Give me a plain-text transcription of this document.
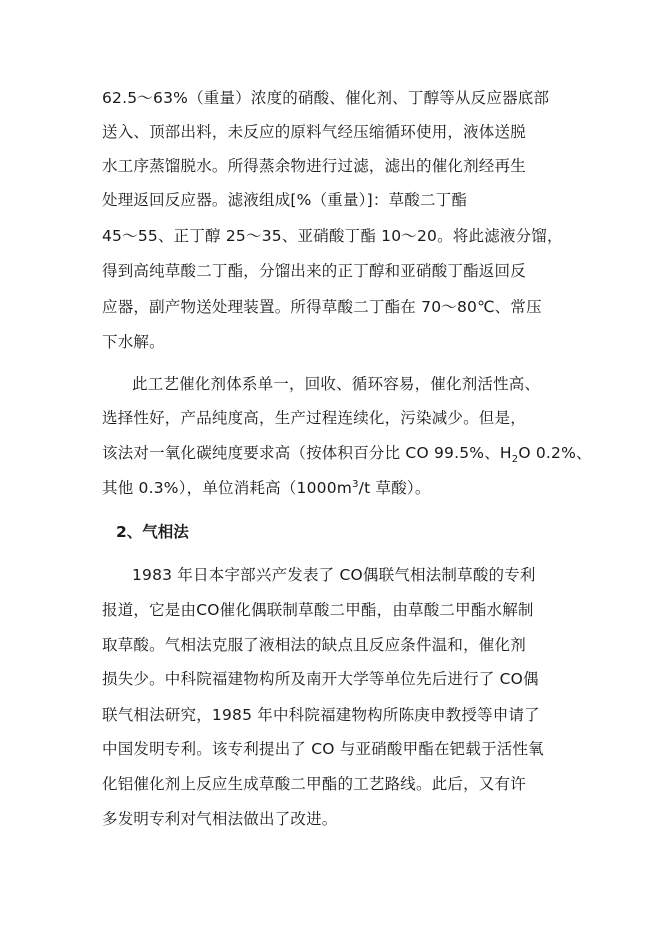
62.5～63%（重量）浓度的硝酸、催化剂、丁醇等从反应器底部
送入、顶部出料，未反应的原料气经压缩循环使用，液体送脱
水工序蒸馏脱水。所得蒸余物进行过滤，滤出的催化剂经再生
处理返回反应器。滤液组成[%（重量）]：草酸二丁酯
45～55、正丁醇 25～35、亚硝酸丁酯 10～20。将此滤液分馏，
得到高纯草酸二丁酯，分馏出来的正丁醇和亚硝酸丁酯返回反
应器，副产物送处理装置。所得草酸二丁酯在 70～80℃、常压
下水解。
此工艺催化剂体系单一，回收、循环容易，催化剂活性高、
选择性好，产品纯度高，生产过程连续化，污染减少。但是，
该法对一氧化碳纯度要求高（按体积百分比 CO 99.5%、$H_2O$ 0.2%、
其他 0.3%），单位消耗高（$1000m^3/t$ 草酸）。
2、气相法
1983 年日本宇部兴产发表了 CO偶联气相法制草酸的专利
报道，它是由CO催化偶联制草酸二甲酯，由草酸二甲酯水解制
取草酸。气相法克服了液相法的缺点且反应条件温和，催化剂
损失少。中科院福建物构所及南开大学等单位先后进行了 CO偶
联气相法研究，1985 年中科院福建物构所陈庚申教授等申请了
中国发明专利。该专利提出了 CO 与亚硝酸甲酯在钯载于活性氧
化铝催化剂上反应生成草酸二甲酯的工艺路线。此后，又有许
多发明专利对气相法做出了改进。
